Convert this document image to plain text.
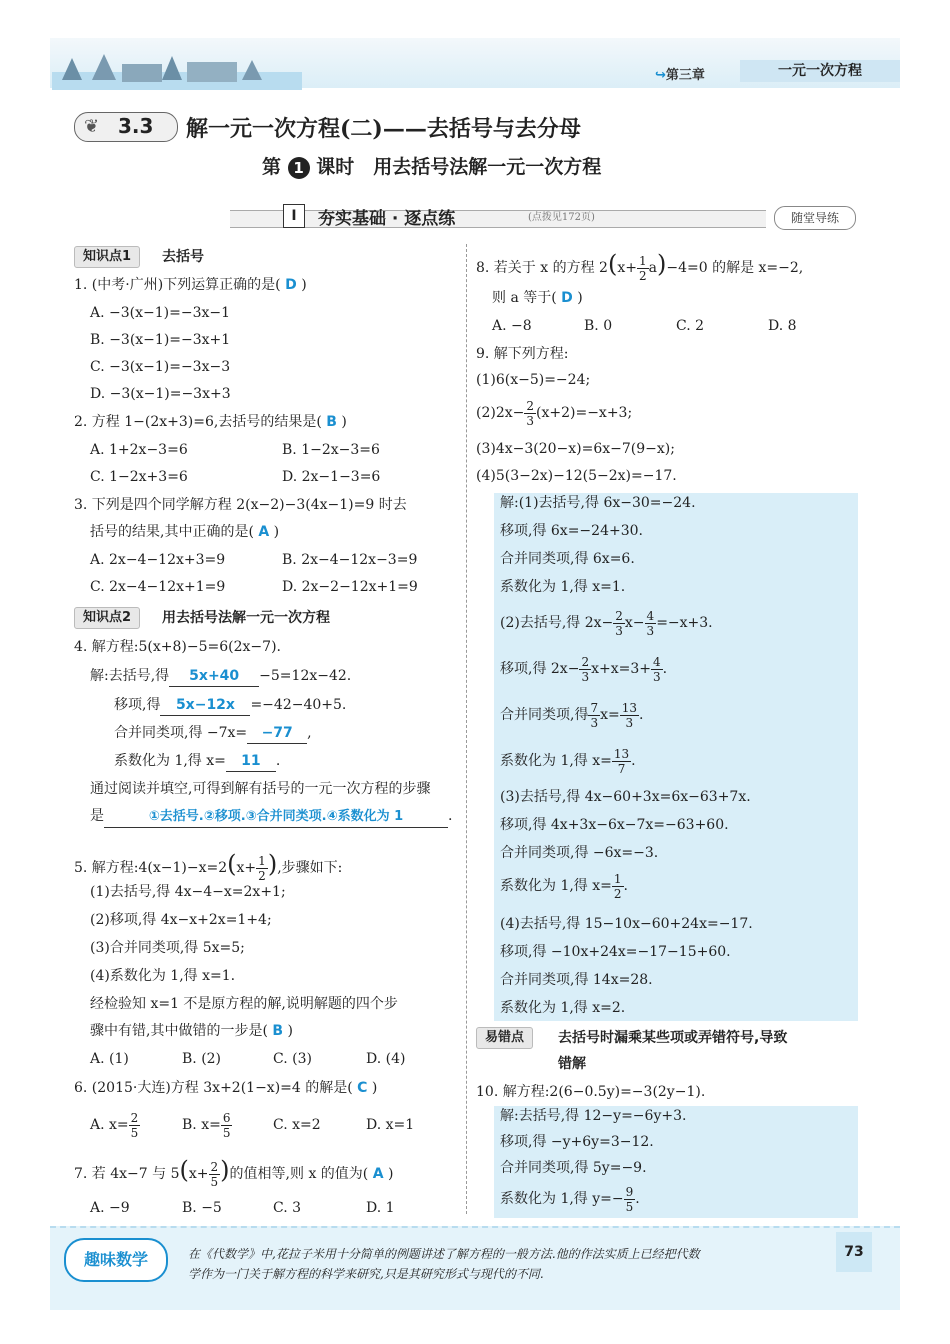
↪第三章	一元一次方程
❦ 3.3 解一元一次方程(二)——去括号与去分母
第 1 课时　用去括号法解一元一次方程
Ⅰ	夯实基础 · 逐点练	(点拨见172页)	随堂导练
知识点1	去括号
1. (中考·广州)下列运算正确的是( D )
A. −3(x−1)=−3x−1
B. −3(x−1)=−3x+1
C. −3(x−1)=−3x−3
D. −3(x−1)=−3x+3
2. 方程 1−(2x+3)=6,去括号的结果是( B )
A. 1+2x−3=6	B. 1−2x−3=6
C. 1−2x+3=6	D. 2x−1−3=6
3. 下列是四个同学解方程 2(x−2)−3(4x−1)=9 时去
括号的结果,其中正确的是( A )
A. 2x−4−12x+3=9	B. 2x−4−12x−3=9
C. 2x−4−12x+1=9	D. 2x−2−12x+1=9
知识点2	用去括号法解一元一次方程
4. 解方程:5(x+8)−5=6(2x−7).
解:去括号,得 5x+40 −5=12x−42.
移项,得 5x−12x =−42−40+5.
合并同类项,得 −7x= −77 ,
系数化为 1,得 x= 11 .
通过阅读并填空,可得到解有括号的一元一次方程的步骤
是	①去括号.②移项.③合并同类项.④系数化为 1	.
5. 解方程:4(x−1)−x=2(x+ $\frac{1}{2}$ ),步骤如下:
(1)去括号,得 4x−4−x=2x+1;
(2)移项,得 4x−x+2x=1+4;
(3)合并同类项,得 5x=5;
(4)系数化为 1,得 x=1.
经检验知 x=1 不是原方程的解,说明解题的四个步
骤中有错,其中做错的一步是( B )
A. (1)	B. (2)	C. (3)	D. (4)
6. (2015·大连)方程 3x+2(1−x)=4 的解是( C )
A. $x= \frac{2}{5}$	B. $x= \frac{6}{5}$	C. x=2	D. x=1
7. 若 4x−7 与 $5(x+ \frac{2}{5}$ )的值相等,则 x 的值为( A )
A. −9	B. −5	C. 3	D. 1
8. 若关于 x 的方程 $2(x+ \frac{1}{2} a)-4=0$ 的解是 x=−2,
则 a 等于( D )
A. −8	B. 0	C. 2	D. 8
9. 解下列方程:
(1)6(x−5)=−24;
$(2)2x- \frac{2}{3} (x+2)=-x+3$;
(3)4x−3(20−x)=6x−7(9−x);
(4)5(3−2x)−12(5−2x)=−17.
解:(1)去括号,得 6x−30=−24.
移项,得 6x=−24+30.
合并同类项,得 6x=6.
系数化为 1,得 x=1.
(2)去括号,得 $2x- \frac{2}{3} x- \frac{4}{3} =-x+3$.
移项,得 $2x- \frac{2}{3} x+x=3+ \frac{4}{3}$ .
合并同类项,得 $\frac{7}{3} x= \frac{13}{3}$ .
系数化为 1,得 $x= \frac{13}{7}$ .
(3)去括号,得 4x−60+3x=6x−63+7x.
移项,得 4x+3x−6x−7x=−63+60.
合并同类项,得 −6x=−3.
系数化为 1,得 $x= \frac{1}{2}$ .
(4)去括号,得 15−10x−60+24x=−17.
移项,得 −10x+24x=−17−15+60.
合并同类项,得 14x=28.
系数化为 1,得 x=2.
易错点	去括号时漏乘某些项或弄错符号,导致
错解
10. 解方程:2(6−0.5y)=−3(2y−1).
解:去括号,得 12−y=−6y+3.
移项,得 −y+6y=3−12.
合并同类项,得 5y=−9.
系数化为 1,得 $y=- \frac{9}{5}$ .
趣味数学	在《代数学》中,花拉子米用十分简单的例题讲述了解方程的一般方法.他的作法实质上已经把代数
学作为一门关于解方程的科学来研究,只是其研究形式与现代的不同.
73
